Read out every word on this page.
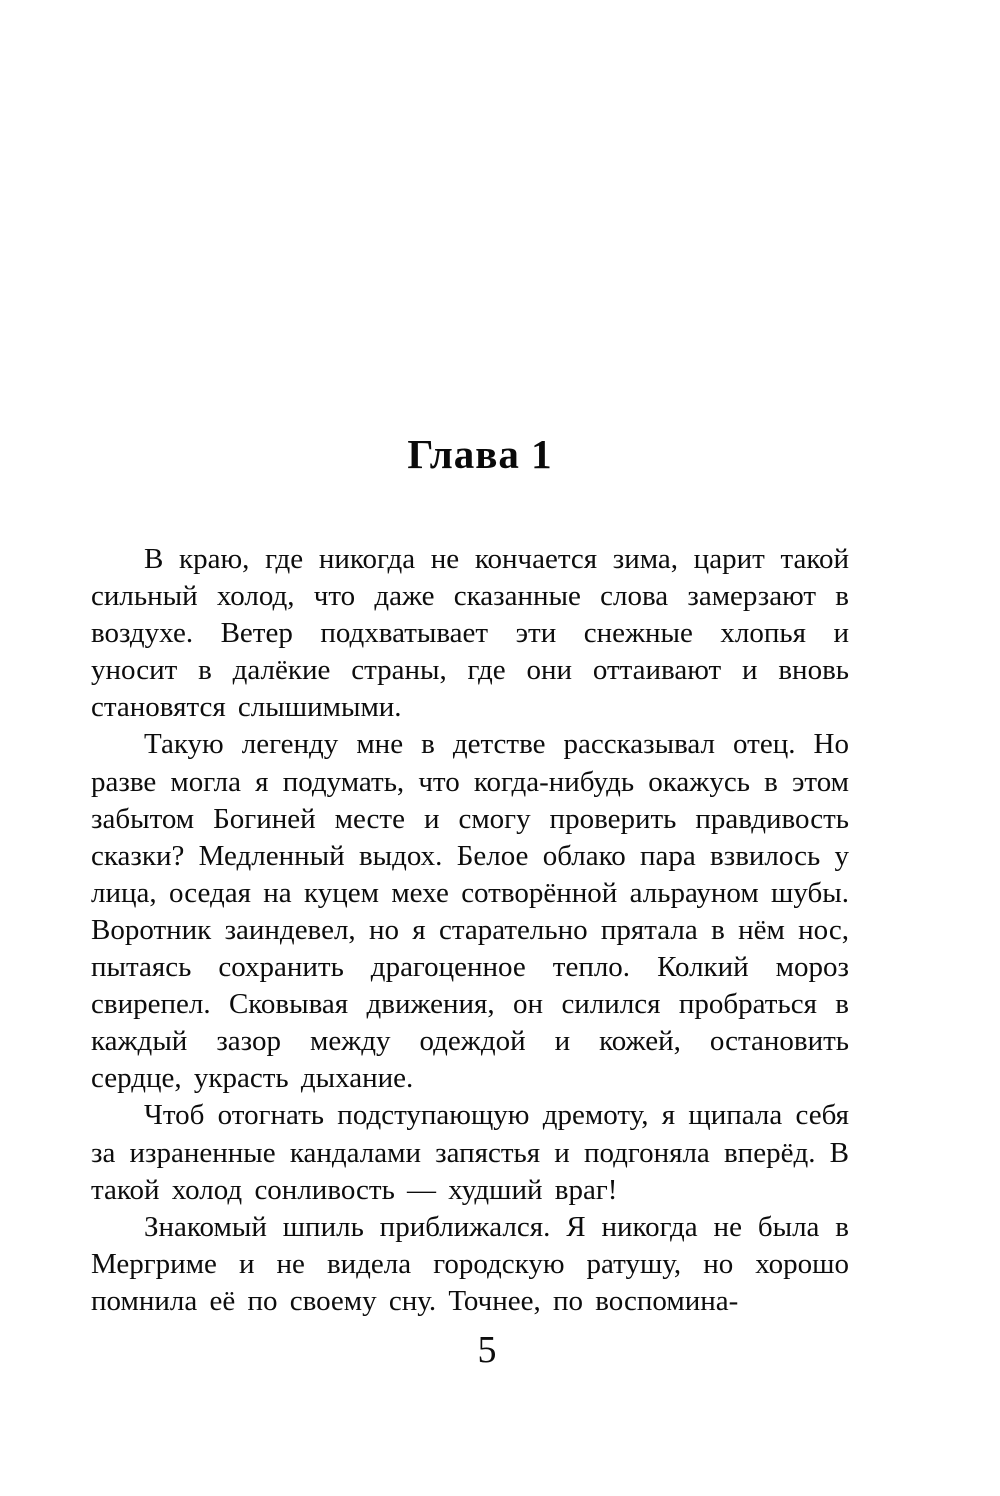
Глава 1

В краю, где никогда не кончается зима, царит такой сильный холод, что даже сказанные слова замерзают в воздухе. Ветер подхватывает эти снежные хлопья и уносит в далёкие страны, где они оттаивают и вновь становятся слышимыми.

Такую легенду мне в детстве рассказывал отец. Но разве могла я подумать, что когда-нибудь окажусь в этом забытом Богиней месте и смогу проверить правдивость сказки? Медленный выдох. Белое облако пара взвилось у лица, оседая на куцем мехе сотворённой альрауном шубы. Воротник заиндевел, но я старательно прятала в нём нос, пытаясь сохранить драгоценное тепло. Колкий мороз свирепел. Сковывая движения, он силился пробраться в каждый зазор между одеждой и кожей, остановить сердце, украсть дыхание.

Чтоб отогнать подступающую дремоту, я щипала себя за израненные кандалами запястья и подгоняла вперёд. В такой холод сонливость — худший враг!

Знакомый шпиль приближался. Я никогда не была в Мергриме и не видела городскую ратушу, но хорошо помнила её по своему сну. Точнее, по воспомина-

5
